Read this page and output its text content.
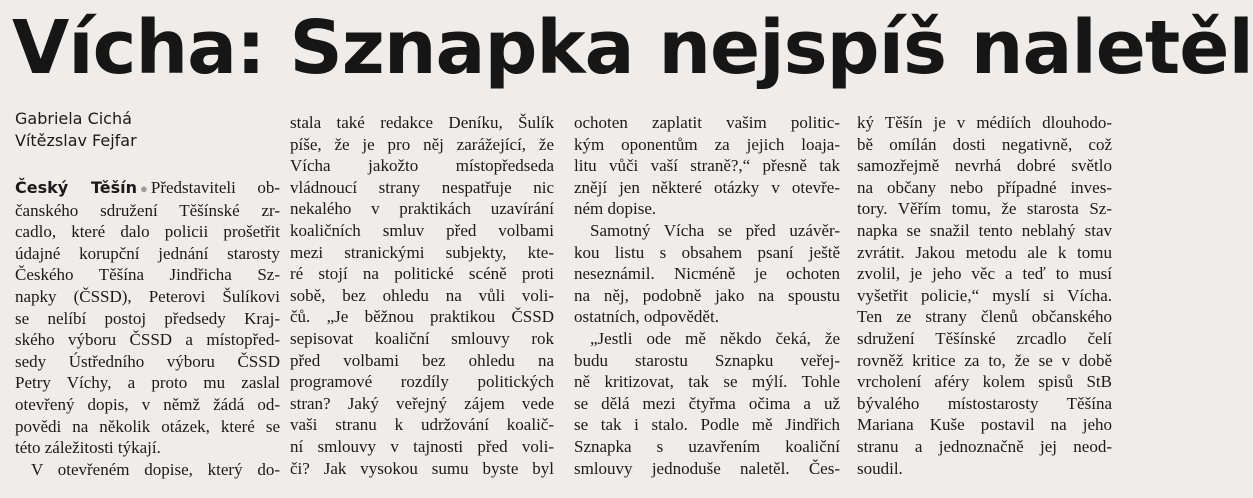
Vícha: Sznapka nejspíš naletěl
Gabriela Cichá
Vítězslav Fejfar
Český Těšín ● Představiteli ob-
čanského sdružení Těšínské zr-
cadlo, které dalo policii prošetřit
údajné korupční jednání starosty
Českého Těšína Jindřicha Sz-
napky (ČSSD), Peterovi Šulíkovi
se nelíbí postoj předsedy Kraj-
ského výboru ČSSD a místopřed-
sedy Ústředního výboru ČSSD
Petry Víchy, a proto mu zaslal
otevřený dopis, v němž žádá od-
povědi na několik otázek, které se
této záležitosti týkají.
V otevřeném dopise, který do-
stala také redakce Deníku, Šulík
píše, že je pro něj zarážející, že
Vícha jakožto místopředseda
vládnoucí strany nespatřuje nic
nekalého v praktikách uzavírání
koaličních smluv před volbami
mezi stranickými subjekty, kte-
ré stojí na politické scéně proti
sobě, bez ohledu na vůli voli-
čů. „Je běžnou praktikou ČSSD
sepisovat koaliční smlouvy rok
před volbami bez ohledu na
programové rozdíly politických
stran? Jaký veřejný zájem vede
vaši stranu k udržování koalič-
ní smlouvy v tajnosti před voli-
či? Jak vysokou sumu byste byl
ochoten zaplatit vašim politic-
kým oponentům za jejich loaja-
litu vůči vaší straně?,“ přesně tak
znějí jen některé otázky v otevře-
ném dopise.
Samotný Vícha se před uzávěr-
kou listu s obsahem psaní ještě
neseznámil. Nicméně je ochoten
na něj, podobně jako na spoustu
ostatních, odpovědět.
„Jestli ode mě někdo čeká, že
budu starostu Sznapku veřej-
ně kritizovat, tak se mýlí. Tohle
se dělá mezi čtyřma očima a už
se tak i stalo. Podle mě Jindřich
Sznapka s uzavřením koaliční
smlouvy jednoduše naletěl. Čes-
ký Těšín je v médiích dlouhodo-
bě omílán dosti negativně, což
samozřejmě nevrhá dobré světlo
na občany nebo případné inves-
tory. Věřím tomu, že starosta Sz-
napka se snažil tento neblahý stav
zvrátit. Jakou metodu ale k tomu
zvolil, je jeho věc a teď to musí
vyšetřit policie,“ myslí si Vícha.
Ten ze strany členů občanského
sdružení Těšínské zrcadlo čelí
rovněž kritice za to, že se v době
vrcholení aféry kolem spisů StB
bývalého místostarosty Těšína
Mariana Kuše postavil na jeho
stranu a jednoznačně jej neod-
soudil.
